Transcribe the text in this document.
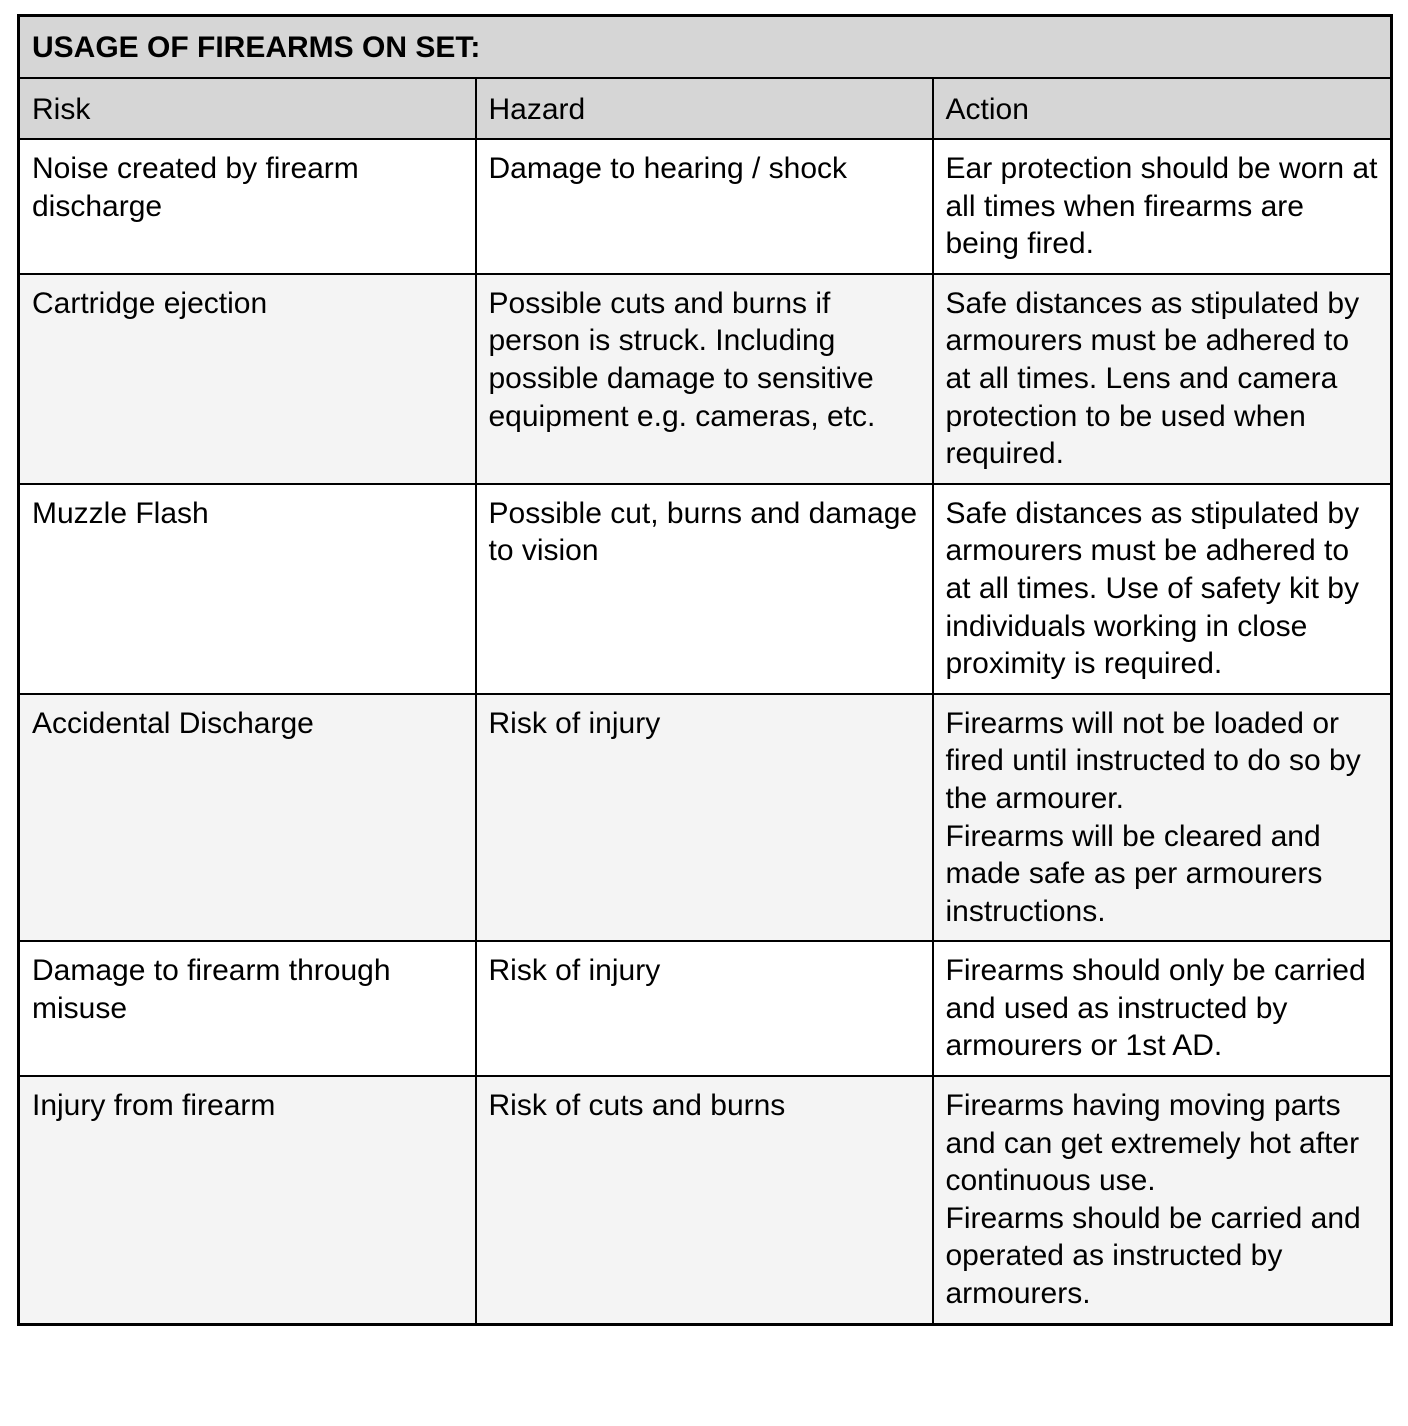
USAGE OF FIREARMS ON SET:		
Risk	Hazard	Action
Noise created by firearm discharge	Damage to hearing / shock	Ear protection should be worn at all times when firearms are being fired.

Cartridge ejection	Possible cuts and burns if person is struck. Including possible damage to sensitive equipment e.g. cameras, etc.	Safe distances as stipulated by armourers must be adhered to at all times. Lens and camera protection to be used when required.

Muzzle Flash	Possible cut, burns and damage to vision	Safe distances as stipulated by armourers must be adhered to at all times. Use of safety kit by individuals working in close proximity is required.

Accidental Discharge	Risk of injury	Firearms will not be loaded or fired until instructed to do so by the armourer.
Firearms will be cleared and made safe as per armourers instructions.

Damage to firearm through misuse	Risk of injury	Firearms should only be carried and used as instructed by armourers or 1st AD.

Injury from firearm	Risk of cuts and burns	Firearms having moving parts and can get extremely hot after continuous use.
Firearms should be carried and operated as instructed by armourers.
